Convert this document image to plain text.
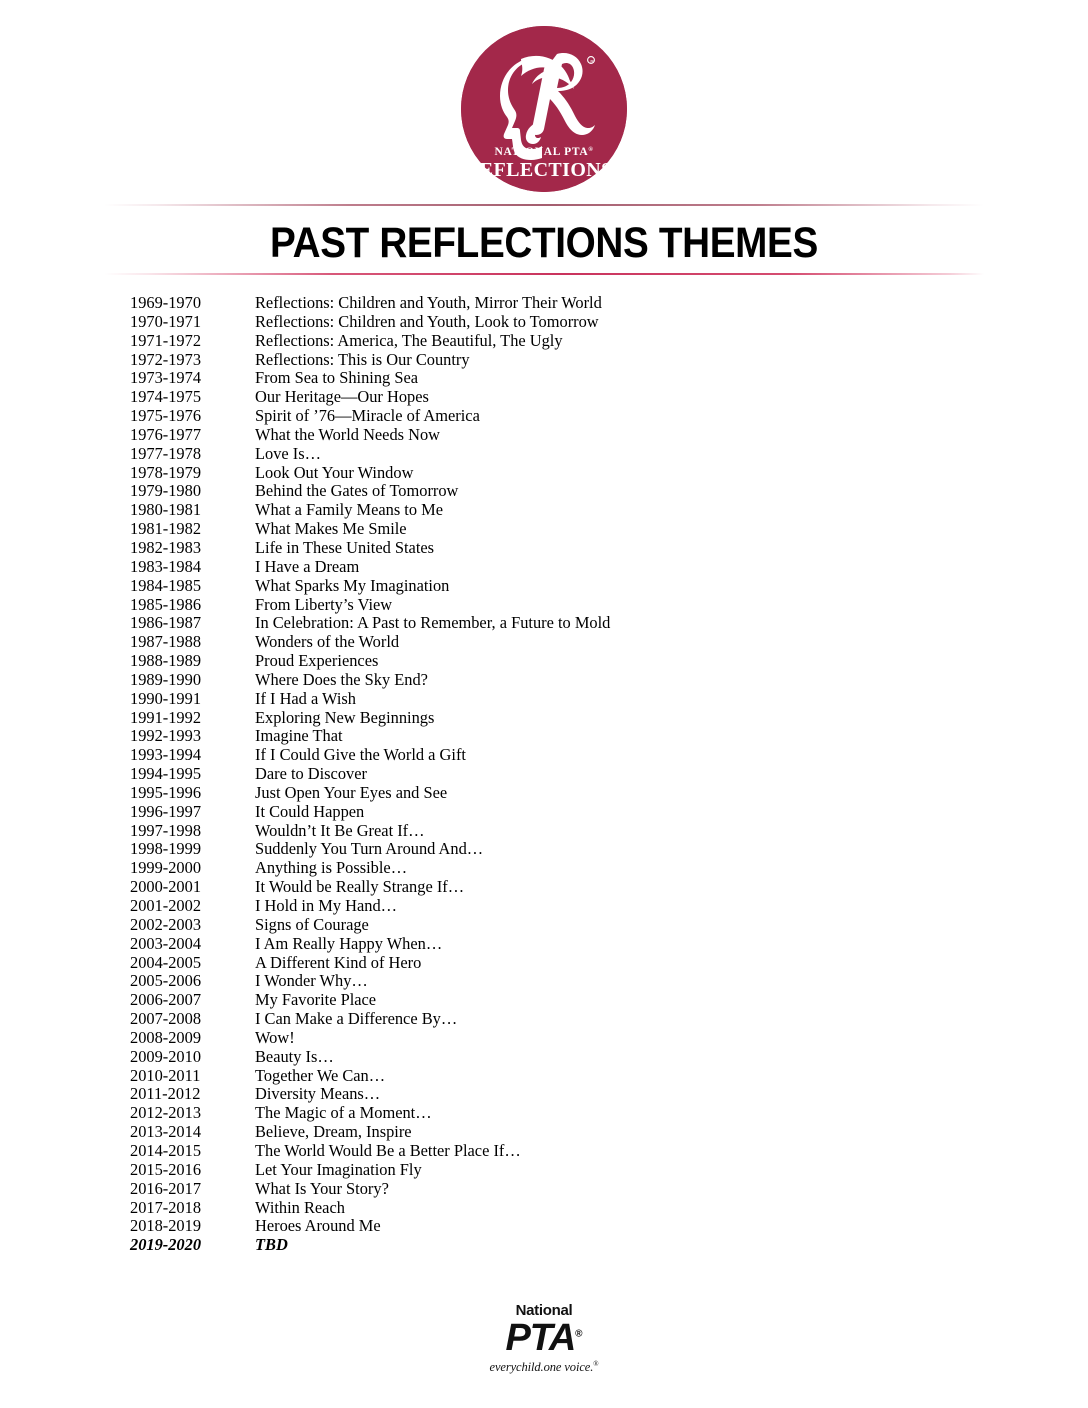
R
NATIONAL PTA®
REFLECTIONS®
PAST REFLECTIONS THEMES
1969-1970	Reflections: Children and Youth, Mirror Their World
1970-1971	Reflections: Children and Youth, Look to Tomorrow
1971-1972	Reflections: America, The Beautiful, The Ugly
1972-1973	Reflections: This is Our Country
1973-1974	From Sea to Shining Sea
1974-1975	Our Heritage—Our Hopes
1975-1976	Spirit of ’76—Miracle of America
1976-1977	What the World Needs Now
1977-1978	Love Is…
1978-1979	Look Out Your Window
1979-1980	Behind the Gates of Tomorrow
1980-1981	What a Family Means to Me
1981-1982	What Makes Me Smile
1982-1983	Life in These United States
1983-1984	I Have a Dream
1984-1985	What Sparks My Imagination
1985-1986	From Liberty’s View
1986-1987	In Celebration: A Past to Remember, a Future to Mold
1987-1988	Wonders of the World
1988-1989	Proud Experiences
1989-1990	Where Does the Sky End?
1990-1991	If I Had a Wish
1991-1992	Exploring New Beginnings
1992-1993	Imagine That
1993-1994	If I Could Give the World a Gift
1994-1995	Dare to Discover
1995-1996	Just Open Your Eyes and See
1996-1997	It Could Happen
1997-1998	Wouldn’t It Be Great If…
1998-1999	Suddenly You Turn Around And…
1999-2000	Anything is Possible…
2000-2001	It Would be Really Strange If…
2001-2002	I Hold in My Hand…
2002-2003	Signs of Courage
2003-2004	I Am Really Happy When…
2004-2005	A Different Kind of Hero
2005-2006	I Wonder Why…
2006-2007	My Favorite Place
2007-2008	I Can Make a Difference By…
2008-2009	Wow!
2009-2010	Beauty Is…
2010-2011	Together We Can…
2011-2012	Diversity Means…
2012-2013	The Magic of a Moment…
2013-2014	Believe, Dream, Inspire
2014-2015	The World Would Be a Better Place If…
2015-2016	Let Your Imagination Fly
2016-2017	What Is Your Story?
2017-2018	Within Reach
2018-2019	Heroes Around Me
2019-2020	TBD
National
PTA®
everychild.one voice.®
